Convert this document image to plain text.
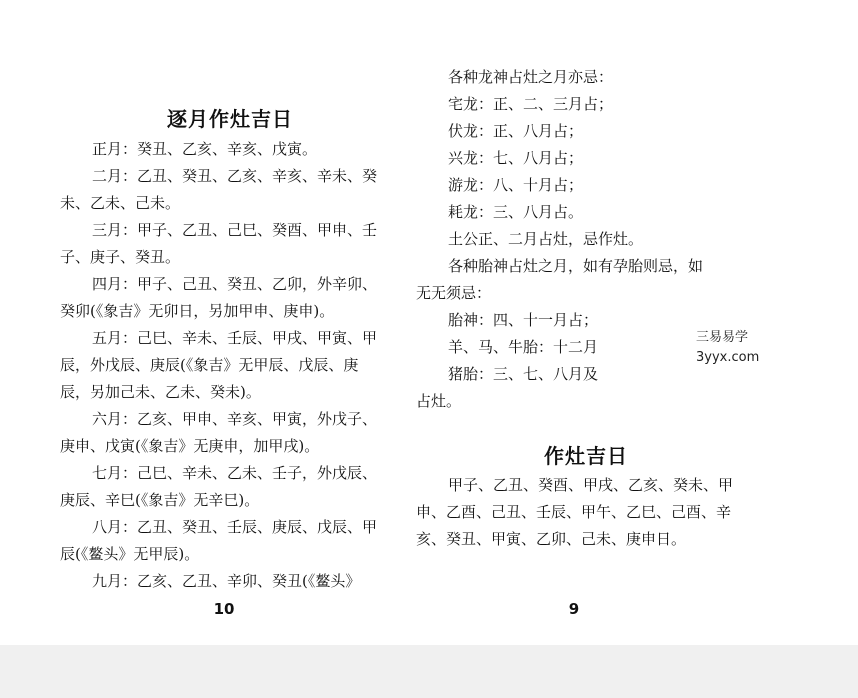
逐月作灶吉日
正月：癸丑、乙亥、辛亥、戊寅。
二月：乙丑、癸丑、乙亥、辛亥、辛未、癸
未、乙未、己未。
三月：甲子、乙丑、己巳、癸酉、甲申、壬
子、庚子、癸丑。
四月：甲子、己丑、癸丑、乙卯，外辛卯、
癸卯(《象吉》无卯日，另加甲申、庚申)。
五月：己巳、辛未、壬辰、甲戌、甲寅、甲
辰，外戊辰、庚辰(《象吉》无甲辰、戊辰、庚
辰，另加己未、乙未、癸未)。
六月：乙亥、甲申、辛亥、甲寅，外戊子、
庚申、戊寅(《象吉》无庚申，加甲戌)。
七月：己巳、辛未、乙未、壬子，外戊辰、
庚辰、辛巳(《象吉》无辛巳)。
八月：乙丑、癸丑、壬辰、庚辰、戊辰、甲
辰(《鳌头》无甲辰)。
九月：乙亥、乙丑、辛卯、癸丑(《鳌头》
10
各种龙神占灶之月亦忌：
宅龙：正、二、三月占；
伏龙：正、八月占；
兴龙：七、八月占；
游龙：八、十月占；
耗龙：三、八月占。
土公正、二月占灶，忌作灶。
各种胎神占灶之月，如有孕胎则忌，如
无无须忌：
胎神：四、十一月占；
羊、马、牛胎：十二月
猪胎：三、七、八月及
占灶。
作灶吉日
甲子、乙丑、癸酉、甲戌、乙亥、癸未、甲
申、乙酉、己丑、壬辰、甲午、乙巳、己酉、辛
亥、癸丑、甲寅、乙卯、己未、庚申日。
9
三易易学
3yyx.com
